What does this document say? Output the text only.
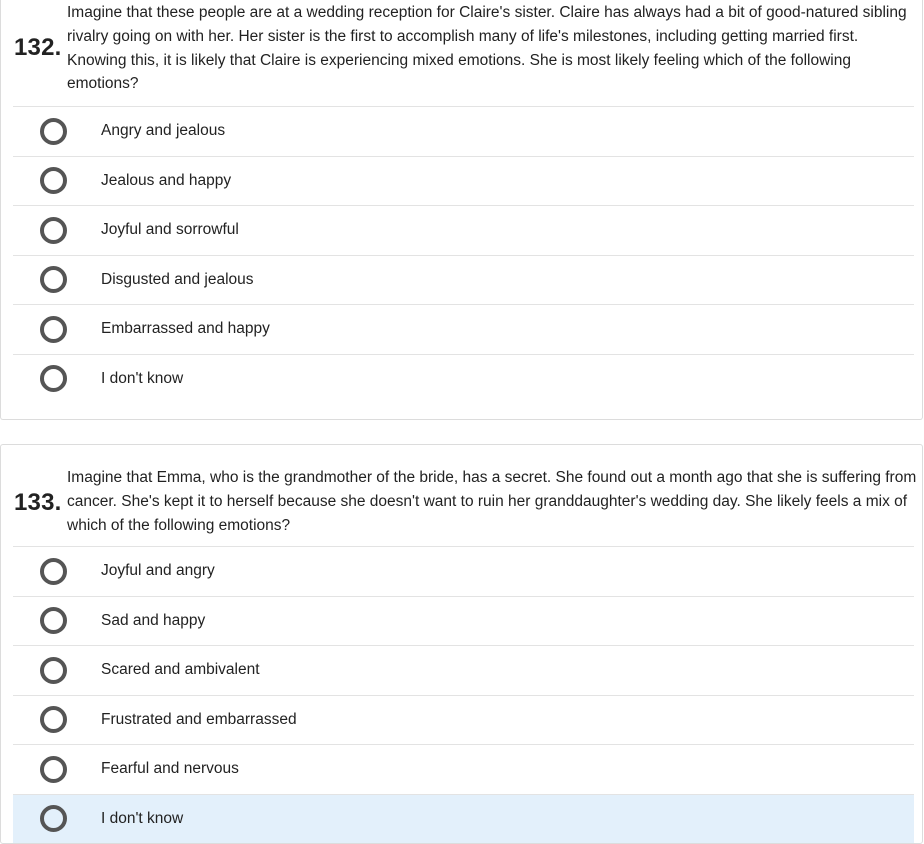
132.
Imagine that these people are at a wedding reception for Claire's sister. Claire has always had a bit of good-natured sibling rivalry going on with her. Her sister is the first to accomplish many of life's milestones, including getting married first. Knowing this, it is likely that Claire is experiencing mixed emotions. She is most likely feeling which of the following emotions?
Angry and jealous
Jealous and happy
Joyful and sorrowful
Disgusted and jealous
Embarrassed and happy
I don't know
133.
Imagine that Emma, who is the grandmother of the bride, has a secret. She found out a month ago that she is suffering from cancer. She's kept it to herself because she doesn't want to ruin her granddaughter's wedding day. She likely feels a mix of which of the following emotions?
Joyful and angry
Sad and happy
Scared and ambivalent
Frustrated and embarrassed
Fearful and nervous
I don't know
